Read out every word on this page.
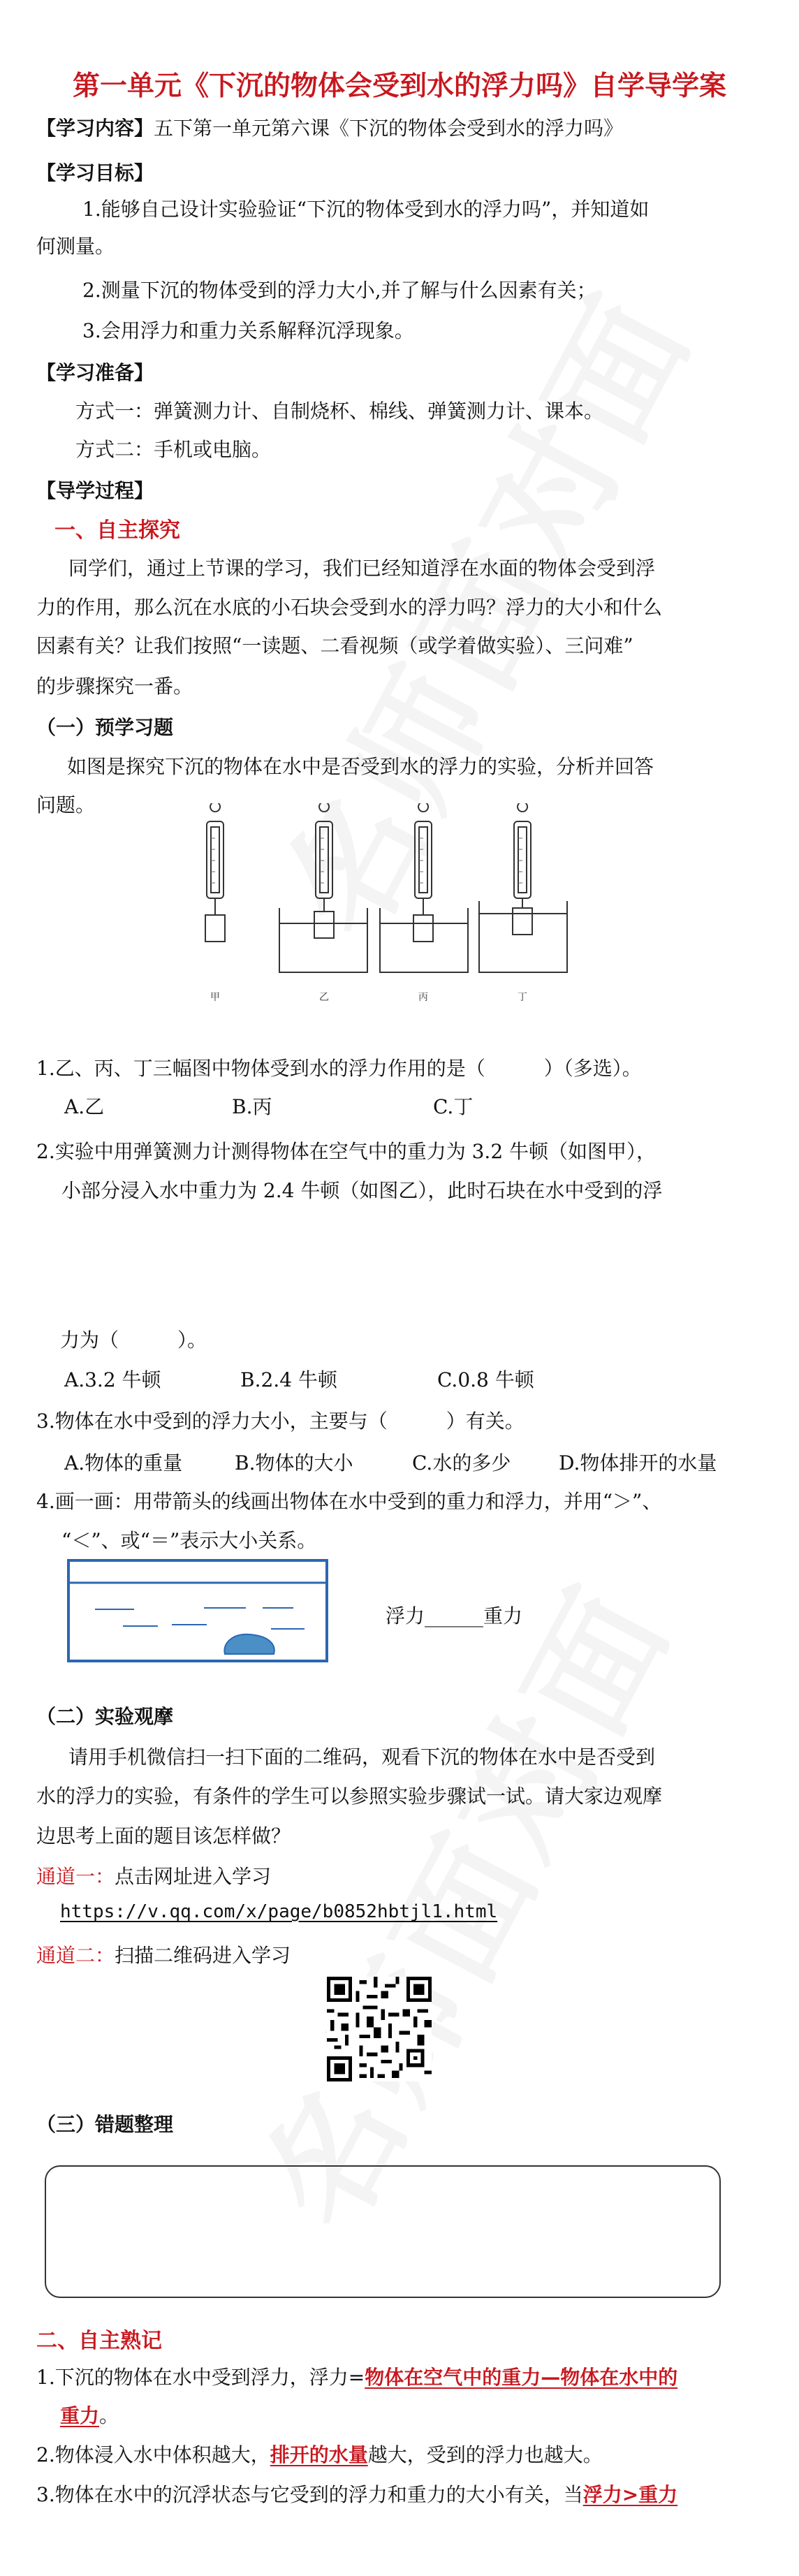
第一单元《下沉的物体会受到水的浮力吗》自学导学案
【学习内容】五下第一单元第六课《下沉的物体会受到水的浮力吗》
【学习目标】
1.能够自己设计实验验证“下沉的物体受到水的浮力吗”，并知道如
何测量。
2.测量下沉的物体受到的浮力大小,并了解与什么因素有关；
3.会用浮力和重力关系解释沉浮现象。
【学习准备】
方式一：弹簧测力计、自制烧杯、棉线、弹簧测力计、课本。
方式二：手机或电脑。
【导学过程】
一、自主探究
同学们，通过上节课的学习，我们已经知道浮在水面的物体会受到浮
力的作用，那么沉在水底的小石块会受到水的浮力吗？浮力的大小和什么
因素有关？让我们按照“一读题、二看视频（或学着做实验）、三问难”
的步骤探究一番。
（一）预学习题
如图是探究下沉的物体在水中是否受到水的浮力的实验，分析并回答
问题。
甲	乙	丙	丁
1.乙、丙、丁三幅图中物体受到水的浮力作用的是（　　　）（多选）。
A.乙	B.丙	C.丁
2.实验中用弹簧测力计测得物体在空气中的重力为 3.2 牛顿（如图甲），
小部分浸入水中重力为 2.4 牛顿（如图乙），此时石块在水中受到的浮
力为（　　　）。
A.3.2 牛顿	B.2.4 牛顿	C.0.8 牛顿
3.物体在水中受到的浮力大小，主要与（　　　）有关。
A.物体的重量	B.物体的大小	C.水的多少 D.物体排开的水量
4.画一画：用带箭头的线画出物体在水中受到的重力和浮力，并用“＞”、
“＜”、或“＝”表示大小关系。
浮力______重力
（二）实验观摩
请用手机微信扫一扫下面的二维码，观看下沉的物体在水中是否受到
水的浮力的实验，有条件的学生可以参照实验步骤试一试。请大家边观摩
边思考上面的题目该怎样做？
通道一：点击网址进入学习
https://v.qq.com/x/page/b0852hbtjl1.html
通道二：扫描二维码进入学习
（三）错题整理
二、自主熟记
1.下沉的物体在水中受到浮力，浮力=物体在空气中的重力—物体在水中的
重力。
2.物体浸入水中体积越大，排开的水量越大，受到的浮力也越大。
3.物体在水中的沉浮状态与它受到的浮力和重力的大小有关，当浮力>重力
